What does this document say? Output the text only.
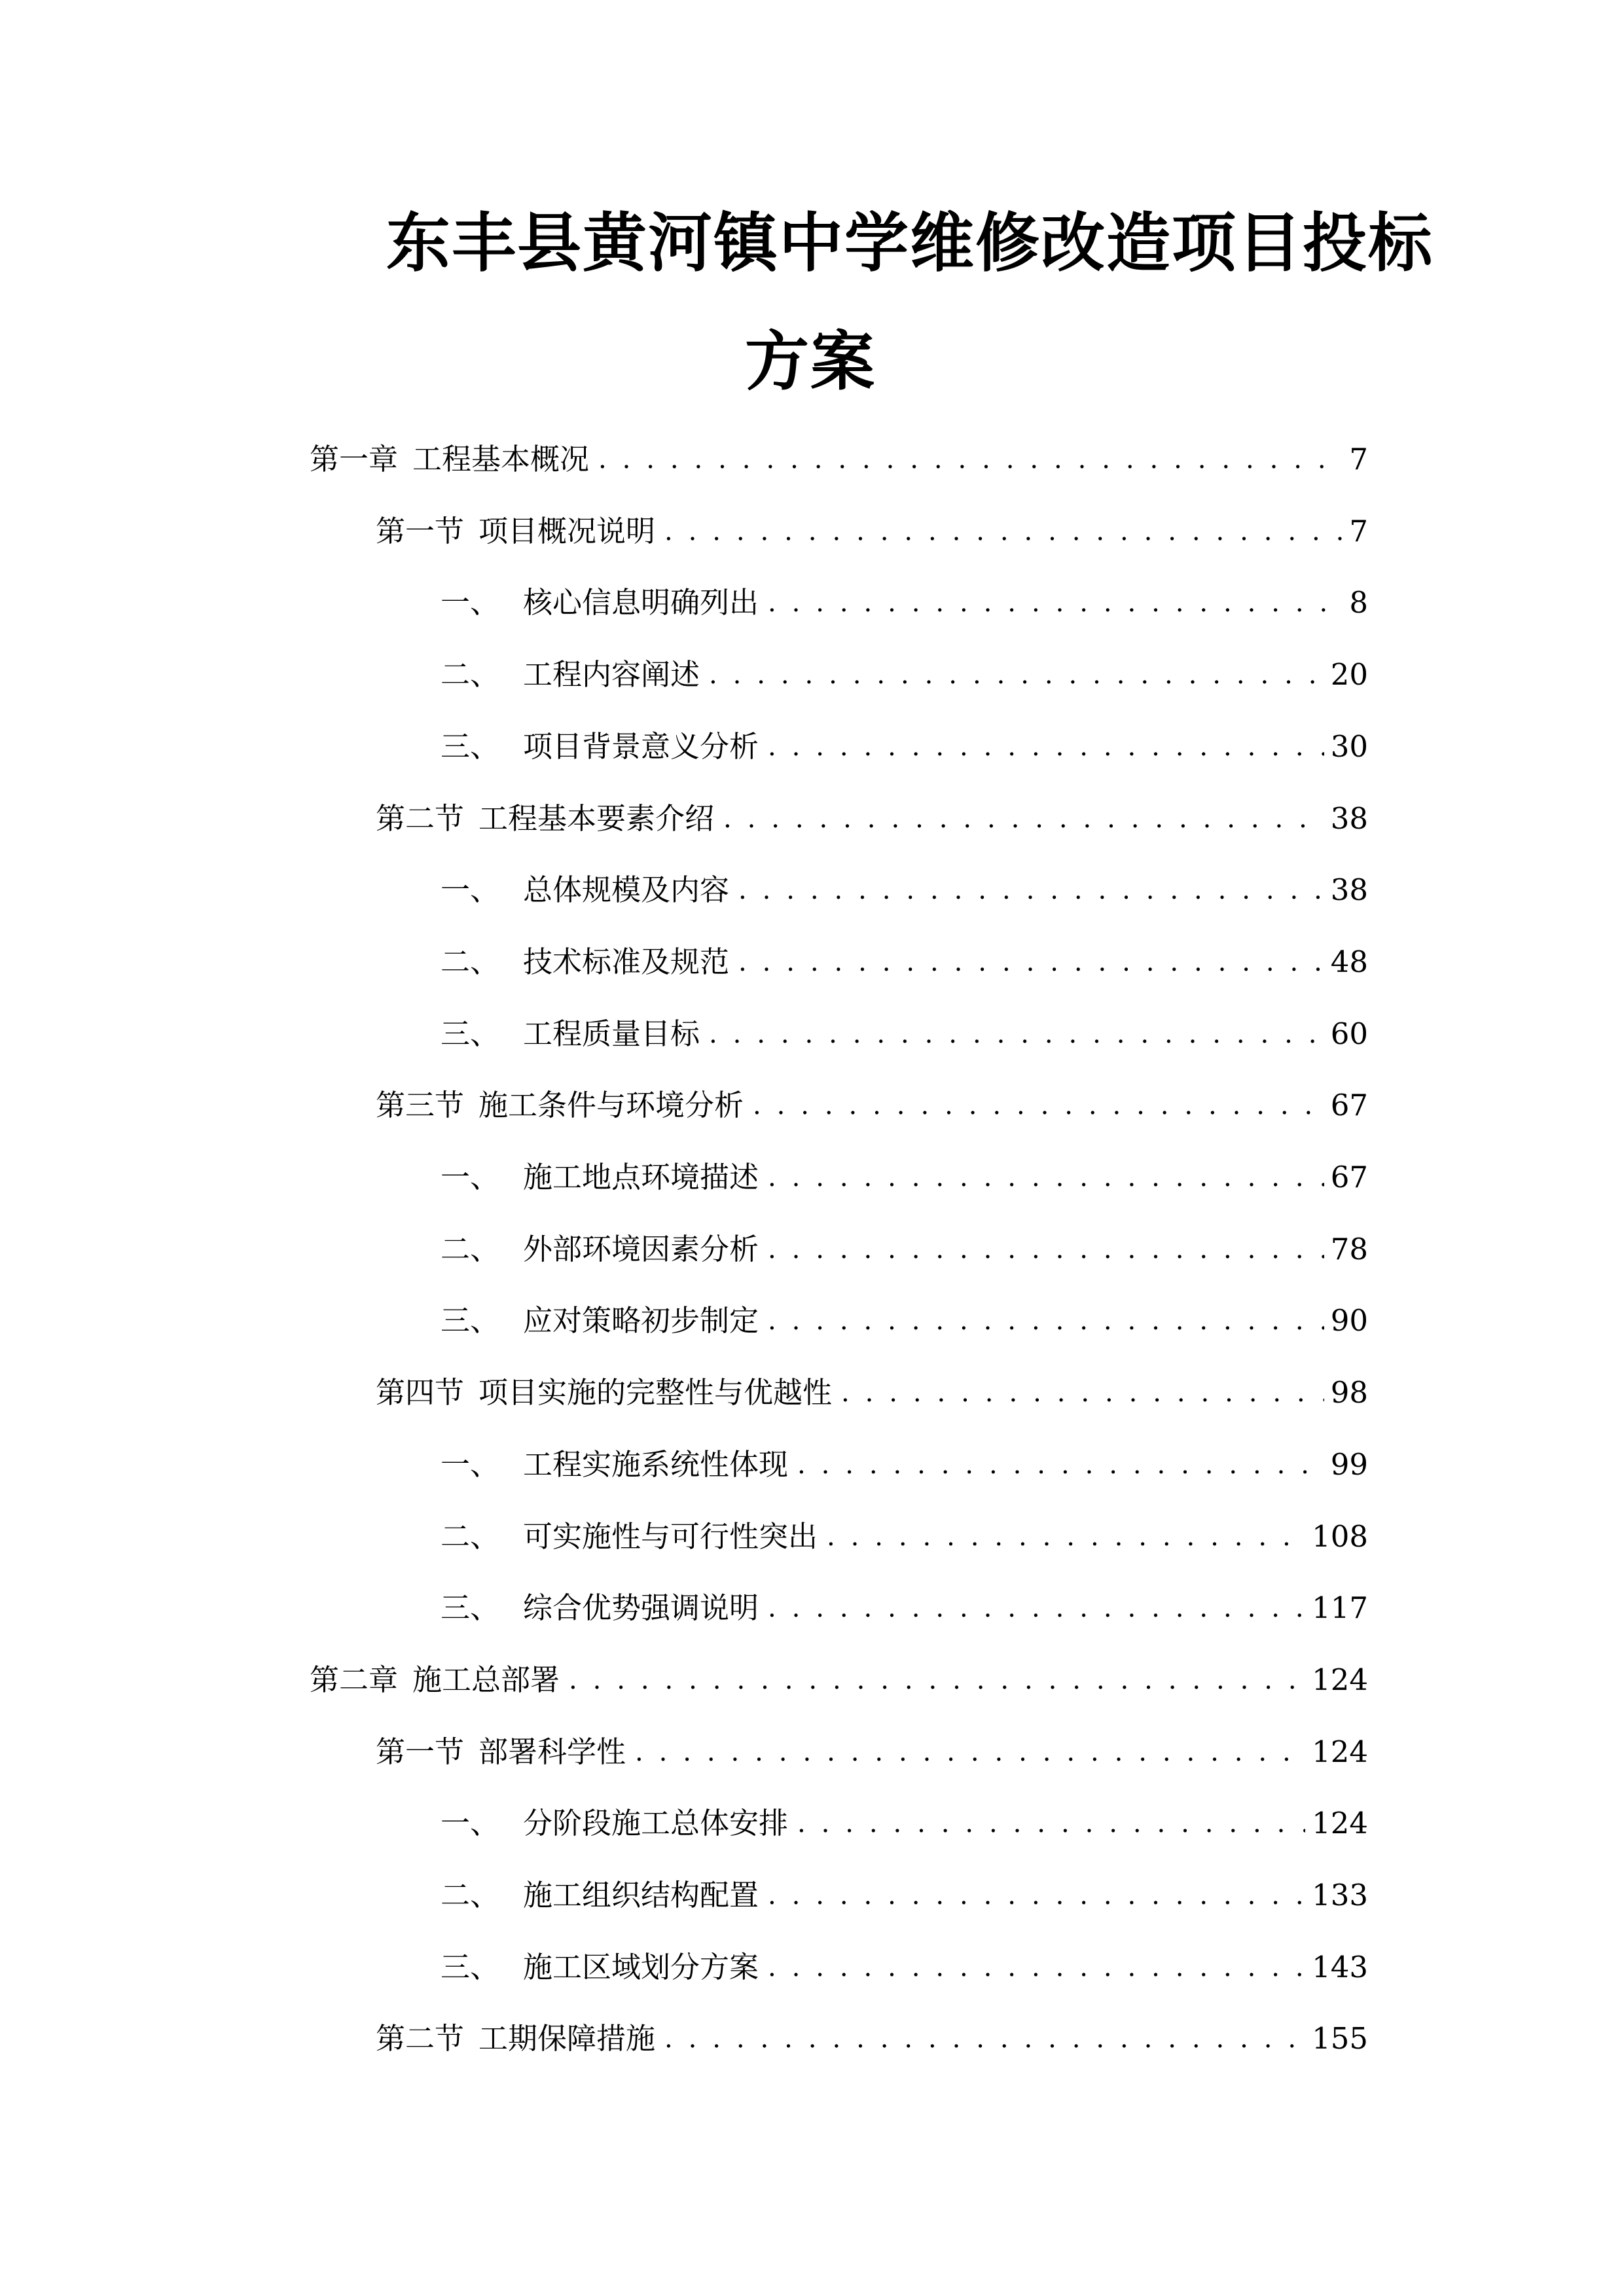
东丰县黄河镇中学维修改造项目投标
方案
第一章 工程基本概况 . . .	7
第一节 项目概况说明 . . .	7
一、 核心信息明确列出 . . .	8
二、 工程内容阐述 . . .	20
三、 项目背景意义分析 . . .	30
第二节 工程基本要素介绍 . . .	38
一、 总体规模及内容 . . .	38
二、 技术标准及规范 . . .	48
三、 工程质量目标 . . .	60
第三节 施工条件与环境分析 . . .	67
一、 施工地点环境描述 . . .	67
二、 外部环境因素分析 . . .	78
三、 应对策略初步制定 . . .	90
第四节 项目实施的完整性与优越性 . . .	98
一、 工程实施系统性体现 . . .	99
二、 可实施性与可行性突出 . . .	108
三、 综合优势强调说明 . . .	117
第二章 施工总部署 . . .	124
第一节 部署科学性 . . .	124
一、 分阶段施工总体安排 . . .	124
二、 施工组织结构配置 . . .	133
三、 施工区域划分方案 . . .	143
第二节 工期保障措施 . . .	155
